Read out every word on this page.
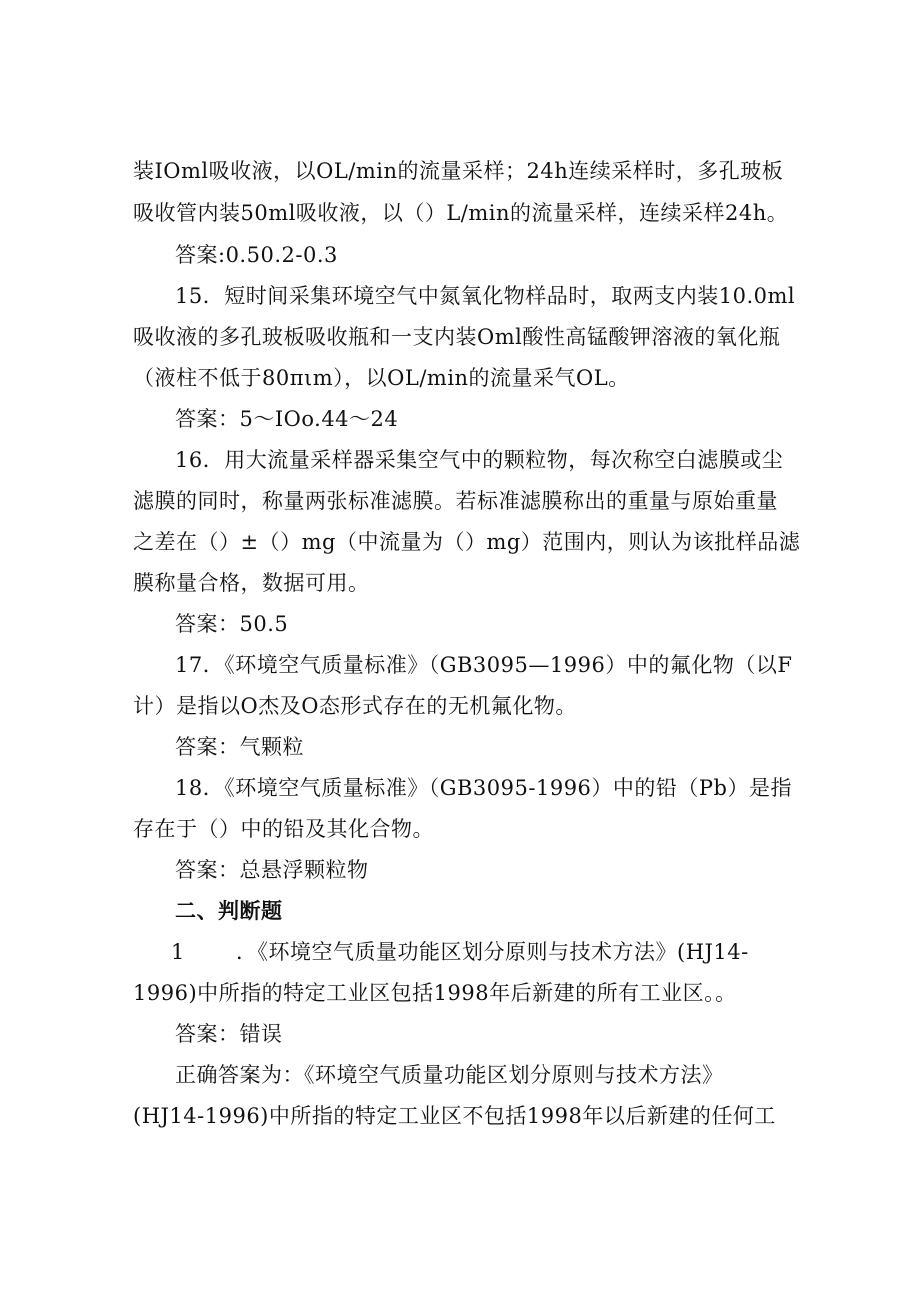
装IOml吸收液，以OL/min的流量采样；24h连续采样时，多孔玻板
吸收管内装50ml吸收液，以（）L/min的流量采样，连续采样24h。
答案:0.50.2-0.3
15．短时间采集环境空气中氮氧化物样品时，取两支内装10.0ml
吸收液的多孔玻板吸收瓶和一支内装Oml酸性高锰酸钾溶液的氧化瓶
（液柱不低于80πιm），以OL/min的流量采气OL。
答案：5～IOo.44～24
16．用大流量采样器采集空气中的颗粒物，每次称空白滤膜或尘
滤膜的同时，称量两张标准滤膜。若标准滤膜称出的重量与原始重量
之差在（）±（）mg（中流量为（）mg）范围内，则认为该批样品滤
膜称量合格，数据可用。
答案：50.5
17．《环境空气质量标准》（GB3095—1996）中的氟化物（以F
计）是指以O杰及O态形式存在的无机氟化物。
答案：气颗粒
18．《环境空气质量标准》（GB3095-1996）中的铅（Pb）是指
存在于（）中的铅及其化合物。
答案：总悬浮颗粒物
二、判断题
1 ．《环境空气质量功能区划分原则与技术方法》(HJ14-
1996)中所指的特定工业区包括1998年后新建的所有工业区。。
答案：错误
正确答案为：《环境空气质量功能区划分原则与技术方法》
(HJ14-1996)中所指的特定工业区不包括1998年以后新建的任何工
